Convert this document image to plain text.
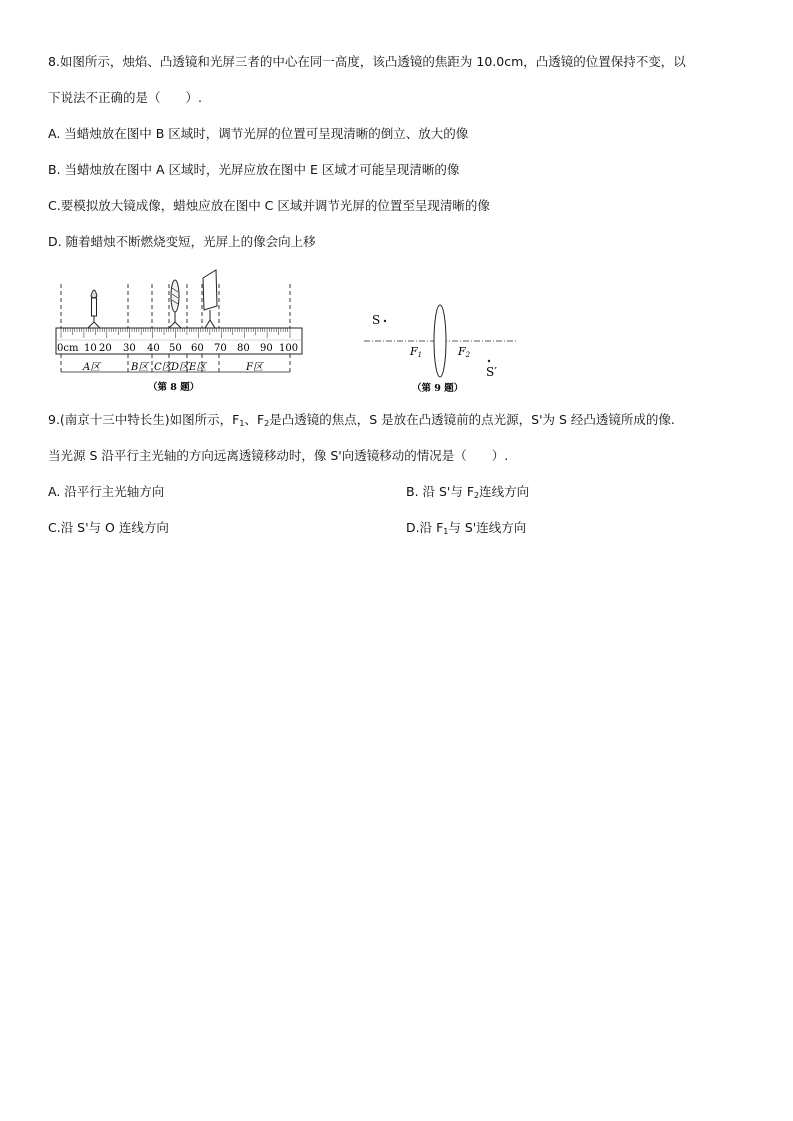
8.如图所示，烛焰、凸透镜和光屏三者的中心在同一高度，该凸透镜的焦距为 10.0cm，凸透镜的位置保持不变，以
下说法不正确的是（　　）.
A. 当蜡烛放在图中 B 区域时，调节光屏的位置可呈现清晰的倒立、放大的像
B. 当蜡烛放在图中 A 区域时，光屏应放在图中 E 区域才可能呈现清晰的像
C.要模拟放大镜成像，蜡烛应放在图中 C 区域并调节光屏的位置至呈现清晰的像
D. 随着蜡烛不断燃烧变短，光屏上的像会向上移
0cm 10 20 30 40 50 60 70 80 90 100
A区	B区 C区 D区 E区	F区
（第 8 题）
S
F1	F2
S′
（第 9 题）
9.(南京十三中特长生)如图所示，$F_1$、$F_2$是凸透镜的焦点，S 是放在凸透镜前的点光源，S'为 S 经凸透镜所成的像.
当光源 S 沿平行主光轴的方向远离透镜移动时，像 S'向透镜移动的情况是（　　）.
A. 沿平行主光轴方向	B. 沿 S'与 $F_2$连线方向
C.沿 S'与 O 连线方向	D.沿 $F_1$与 S'连线方向
